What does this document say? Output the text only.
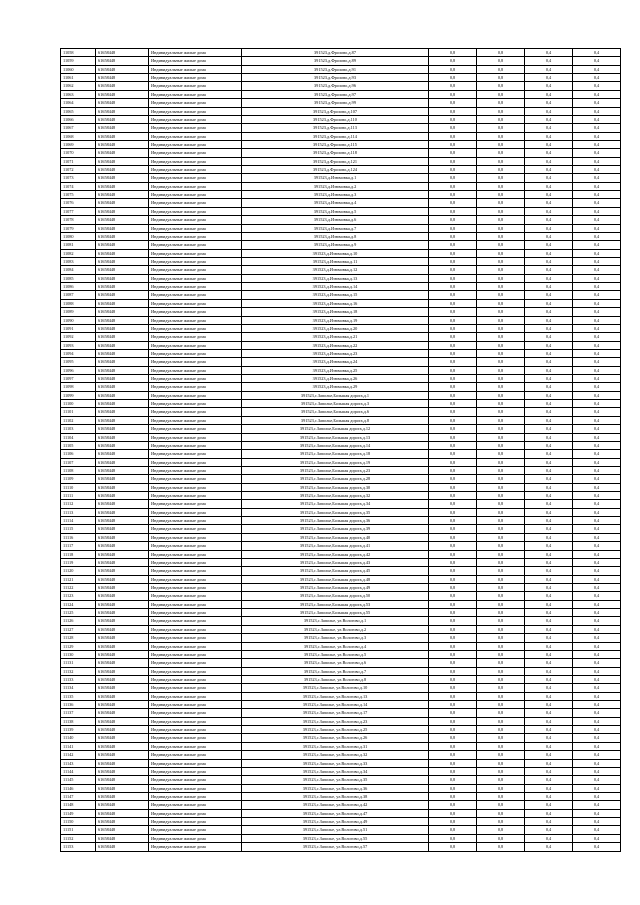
11058	61658448	Индивидуальные жилые дома	391523,д.Фролово,д.87	0,8	0,8	0,4	0,4
11059	61658448	Индивидуальные жилые дома	391523,д.Фролово,д.89	0,8	0,8	0,4	0,4
11060	61658448	Индивидуальные жилые дома	391523,д.Фролово,д.91	0,8	0,8	0,4	0,4
11061	61658448	Индивидуальные жилые дома	391523,д.Фролово,д.93	0,8	0,8	0,4	0,4
11062	61658448	Индивидуальные жилые дома	391523,д.Фролово,д.96	0,8	0,8	0,4	0,4
11063	61658448	Индивидуальные жилые дома	391523,д.Фролово,д.97	0,8	0,8	0,4	0,4
11064	61658448	Индивидуальные жилые дома	391523,д.Фролово,д.99	0,8	0,8	0,4	0,4
11065	61658448	Индивидуальные жилые дома	391523,д.Фролово,д.107	0,8	0,8	0,4	0,4
11066	61658448	Индивидуальные жилые дома	391523,д.Фролово,д.110	0,8	0,8	0,4	0,4
11067	61658448	Индивидуальные жилые дома	391523,д.Фролово,д.113	0,8	0,8	0,4	0,4
11068	61658448	Индивидуальные жилые дома	391523,д.Фролово,д.114	0,8	0,8	0,4	0,4
11069	61658448	Индивидуальные жилые дома	391523,д.Фролово,д.115	0,8	0,8	0,4	0,4
11070	61658448	Индивидуальные жилые дома	391523,д.Фролово,д.118	0,8	0,8	0,4	0,4
11071	61658448	Индивидуальные жилые дома	391523,д.Фролово,д.121	0,8	0,8	0,4	0,4
11072	61658448	Индивидуальные жилые дома	391523,д.Фролово,д.124	0,8	0,8	0,4	0,4
11073	61658448	Индивидуальные жилые дома	391523,д.Изюмовка,д.1	0,8	0,8	0,4	0,4
11074	61658448	Индивидуальные жилые дома	391523,д.Изюмовка,д.2	0,8	0,8	0,4	0,4
11075	61658448	Индивидуальные жилые дома	391523,д.Изюмовка,д.3	0,8	0,8	0,4	0,4
11076	61658448	Индивидуальные жилые дома	391523,д.Изюмовка,д.4	0,8	0,8	0,4	0,4
11077	61658448	Индивидуальные жилые дома	391523,д.Изюмовка,д.5	0,8	0,8	0,4	0,4
11078	61658448	Индивидуальные жилые дома	391523,д.Изюмовка,д.6	0,8	0,8	0,4	0,4
11079	61658448	Индивидуальные жилые дома	391523,д.Изюмовка,д.7	0,8	0,8	0,4	0,4
11080	61658448	Индивидуальные жилые дома	391523,д.Изюмовка,д.8	0,8	0,8	0,4	0,4
11081	61658448	Индивидуальные жилые дома	391523,д.Изюмовка,д.9	0,8	0,8	0,4	0,4
11082	61658448	Индивидуальные жилые дома	391523,д.Изюмовка,д.10	0,8	0,8	0,4	0,4
11083	61658448	Индивидуальные жилые дома	391523,д.Изюмовка,д.11	0,8	0,8	0,4	0,4
11084	61658448	Индивидуальные жилые дома	391523,д.Изюмовка,д.12	0,8	0,8	0,4	0,4
11085	61658448	Индивидуальные жилые дома	391523,д.Изюмовка,д.13	0,8	0,8	0,4	0,4
11086	61658448	Индивидуальные жилые дома	391523,д.Изюмовка,д.14	0,8	0,8	0,4	0,4
11087	61658448	Индивидуальные жилые дома	391523,д.Изюмовка,д.15	0,8	0,8	0,4	0,4
11088	61658448	Индивидуальные жилые дома	391523,д.Изюмовка,д.16	0,8	0,8	0,4	0,4
11089	61658448	Индивидуальные жилые дома	391523,д.Изюмовка,д.18	0,8	0,8	0,4	0,4
11090	61658448	Индивидуальные жилые дома	391523,д.Изюмовка,д.19	0,8	0,8	0,4	0,4
11091	61658448	Индивидуальные жилые дома	391523,д.Изюмовка,д.20	0,8	0,8	0,4	0,4
11092	61658448	Индивидуальные жилые дома	391523,д.Изюмовка,д.21	0,8	0,8	0,4	0,4
11093	61658448	Индивидуальные жилые дома	391523,д.Изюмовка,д.22	0,8	0,8	0,4	0,4
11094	61658448	Индивидуальные жилые дома	391523,д.Изюмовка,д.23	0,8	0,8	0,4	0,4
11095	61658448	Индивидуальные жилые дома	391523,д.Изюмовка,д.24	0,8	0,8	0,4	0,4
11096	61658448	Индивидуальные жилые дома	391523,д.Изюмовка,д.25	0,8	0,8	0,4	0,4
11097	61658448	Индивидуальные жилые дома	391523,д.Изюмовка,д.26	0,8	0,8	0,4	0,4
11098	61658448	Индивидуальные жилые дома	391523,д.Изюмовка,д.29	0,8	0,8	0,4	0,4
11099	61658448	Индивидуальные жилые дома	391523,с.Заполье,Большая дорога,д.1	0,8	0,8	0,4	0,4
11100	61658448	Индивидуальные жилые дома	391523,с.Заполье,Большая дорога,д.3	0,8	0,8	0,4	0,4
11101	61658448	Индивидуальные жилые дома	391523,с.Заполье,Большая дорога,д.6	0,8	0,8	0,4	0,4
11102	61658448	Индивидуальные жилые дома	391523,с.Заполье,Большая дорога,д.8	0,8	0,8	0,4	0,4
11103	61658448	Индивидуальные жилые дома	391523,с.Заполье,Большая дорога,д.12	0,8	0,8	0,4	0,4
11104	61658448	Индивидуальные жилые дома	391523,с.Заполье,Большая дорога,д.13	0,8	0,8	0,4	0,4
11105	61658448	Индивидуальные жилые дома	391523,с.Заполье,Большая дорога,д.14	0,8	0,8	0,4	0,4
11106	61658448	Индивидуальные жилые дома	391523,с.Заполье,Большая дорога,д.18	0,8	0,8	0,4	0,4
11107	61658448	Индивидуальные жилые дома	391523,с.Заполье,Большая дорога,д.19	0,8	0,8	0,4	0,4
11108	61658448	Индивидуальные жилые дома	391523,с.Заполье,Большая дорога,д.23	0,8	0,8	0,4	0,4
11109	61658448	Индивидуальные жилые дома	391523,с.Заполье,Большая дорога,д.28	0,8	0,8	0,4	0,4
11110	61658448	Индивидуальные жилые дома	391523,с.Заполье,Большая дорога,д.30	0,8	0,8	0,4	0,4
11111	61658448	Индивидуальные жилые дома	391523,с.Заполье,Большая дорога,д.32	0,8	0,8	0,4	0,4
11112	61658448	Индивидуальные жилые дома	391523,с.Заполье,Большая дорога,д.34	0,8	0,8	0,4	0,4
11113	61658448	Индивидуальные жилые дома	391523,с.Заполье,Большая дорога,д.35	0,8	0,8	0,4	0,4
11114	61658448	Индивидуальные жилые дома	391523,с.Заполье,Большая дорога,д.36	0,8	0,8	0,4	0,4
11115	61658448	Индивидуальные жилые дома	391523,с.Заполье,Большая дорога,д.39	0,8	0,8	0,4	0,4
11116	61658448	Индивидуальные жилые дома	391523,с.Заполье,Большая дорога,д.40	0,8	0,8	0,4	0,4
11117	61658448	Индивидуальные жилые дома	391523,с.Заполье,Большая дорога,д.41	0,8	0,8	0,4	0,4
11118	61658448	Индивидуальные жилые дома	391523,с.Заполье,Большая дорога,д.42	0,8	0,8	0,4	0,4
11119	61658448	Индивидуальные жилые дома	391523,с.Заполье,Большая дорога,д.43	0,8	0,8	0,4	0,4
11120	61658448	Индивидуальные жилые дома	391523,с.Заполье,Большая дорога,д.45	0,8	0,8	0,4	0,4
11121	61658448	Индивидуальные жилые дома	391523,с.Заполье,Большая дорога,д.48	0,8	0,8	0,4	0,4
11122	61658448	Индивидуальные жилые дома	391523,с.Заполье,Большая дорога,д.49	0,8	0,8	0,4	0,4
11123	61658448	Индивидуальные жилые дома	391523,с.Заполье,Большая дорога,д.50	0,8	0,8	0,4	0,4
11124	61658448	Индивидуальные жилые дома	391523,с.Заполье,Большая дорога,д.53	0,8	0,8	0,4	0,4
11125	61658448	Индивидуальные жилые дома	391523,с.Заполье,Большая дорога,д.55	0,8	0,8	0,4	0,4
11126	61658448	Индивидуальные жилые дома	391523,с.Заполье, ул.Вологово,д.1	0,8	0,8	0,4	0,4
11127	61658448	Индивидуальные жилые дома	391523,с.Заполье, ул.Вологово,д.2	0,8	0,8	0,4	0,4
11128	61658448	Индивидуальные жилые дома	391523,с.Заполье, ул.Вологово,д.3	0,8	0,8	0,4	0,4
11129	61658448	Индивидуальные жилые дома	391523,с.Заполье, ул.Вологово,д.4	0,8	0,8	0,4	0,4
11130	61658448	Индивидуальные жилые дома	391523,с.Заполье, ул.Вологово,д.5	0,8	0,8	0,4	0,4
11131	61658448	Индивидуальные жилые дома	391523,с.Заполье, ул.Вологово,д.6	0,8	0,8	0,4	0,4
11132	61658448	Индивидуальные жилые дома	391523,с.Заполье, ул.Вологово,д.7	0,8	0,8	0,4	0,4
11133	61658448	Индивидуальные жилые дома	391523,с.Заполье, ул.Вологово,д.8	0,8	0,8	0,4	0,4
11134	61658448	Индивидуальные жилые дома	391523,с.Заполье, ул.Вологово,д.10	0,8	0,8	0,4	0,4
11135	61658448	Индивидуальные жилые дома	391523,с.Заполье, ул.Вологово,д.13	0,8	0,8	0,4	0,4
11136	61658448	Индивидуальные жилые дома	391523,с.Заполье, ул.Вологово,д.14	0,8	0,8	0,4	0,4
11137	61658448	Индивидуальные жилые дома	391523,с.Заполье, ул.Вологово,д.17	0,8	0,8	0,4	0,4
11138	61658448	Индивидуальные жилые дома	391523,с.Заполье, ул.Вологово,д.23	0,8	0,8	0,4	0,4
11139	61658448	Индивидуальные жилые дома	391523,с.Заполье, ул.Вологово,д.25	0,8	0,8	0,4	0,4
11140	61658448	Индивидуальные жилые дома	391523,с.Заполье, ул.Вологово,д.26	0,8	0,8	0,4	0,4
11141	61658448	Индивидуальные жилые дома	391523,с.Заполье, ул.Вологово,д.31	0,8	0,8	0,4	0,4
11142	61658448	Индивидуальные жилые дома	391523,с.Заполье, ул.Вологово,д.32	0,8	0,8	0,4	0,4
11143	61658448	Индивидуальные жилые дома	391523,с.Заполье, ул.Вологово,д.33	0,8	0,8	0,4	0,4
11144	61658448	Индивидуальные жилые дома	391523,с.Заполье, ул.Вологово,д.34	0,8	0,8	0,4	0,4
11145	61658448	Индивидуальные жилые дома	391523,с.Заполье, ул.Вологово,д.35	0,8	0,8	0,4	0,4
11146	61658448	Индивидуальные жилые дома	391523,с.Заполье, ул.Вологово,д.36	0,8	0,8	0,4	0,4
11147	61658448	Индивидуальные жилые дома	391523,с.Заполье, ул.Вологово,д.38	0,8	0,8	0,4	0,4
11148	61658448	Индивидуальные жилые дома	391523,с.Заполье, ул.Вологово,д.42	0,8	0,8	0,4	0,4
11149	61658448	Индивидуальные жилые дома	391523,с.Заполье, ул.Вологово,д.47	0,8	0,8	0,4	0,4
11150	61658448	Индивидуальные жилые дома	391523,с.Заполье, ул.Вологово,д.49	0,8	0,8	0,4	0,4
11151	61658448	Индивидуальные жилые дома	391523,с.Заполье, ул.Вологово,д.51	0,8	0,8	0,4	0,4
11152	61658448	Индивидуальные жилые дома	391523,с.Заполье, ул.Вологово,д.55	0,8	0,8	0,4	0,4
11153	61658448	Индивидуальные жилые дома	391523,с.Заполье, ул.Вологово,д.57	0,8	0,8	0,4	0,4
